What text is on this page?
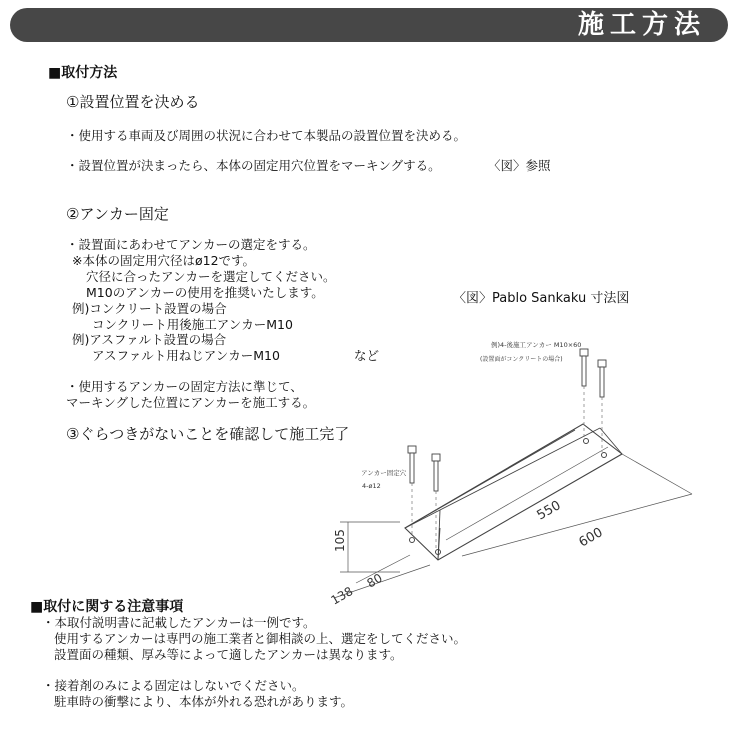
施工方法
■取付方法
①設置位置を決める
・使用する車両及び周囲の状況に合わせて本製品の設置位置を決める。
・設置位置が決まったら、本体の固定用穴位置をマーキングする。	〈図〉参照
②アンカー固定
・設置面にあわせてアンカーの選定をする。
※本体の固定用穴径はø12です。
穴径に合ったアンカーを選定してください。
M10のアンカーの使用を推奨いたします。
例)コンクリート設置の場合
コンクリート用後施工アンカーM10
例)アスファルト設置の場合
アスファルト用ねじアンカーM10	など
・使用するアンカーの固定方法に準じて、
マーキングした位置にアンカーを施工する。
③ぐらつきがないことを確認して施工完了
〈図〉Pablo Sankaku 寸法図
例)4-後施工アンカー M10×60
(設置面がコンクリートの場合)
アンカー固定穴
4-ø12
550
600
105
80
138
■取付に関する注意事項
・本取付説明書に記載したアンカーは一例です。
使用するアンカーは専門の施工業者と御相談の上、選定をしてください。
設置面の種類、厚み等によって適したアンカーは異なります。
・接着剤のみによる固定はしないでください。
駐車時の衝撃により、本体が外れる恐れがあります。
